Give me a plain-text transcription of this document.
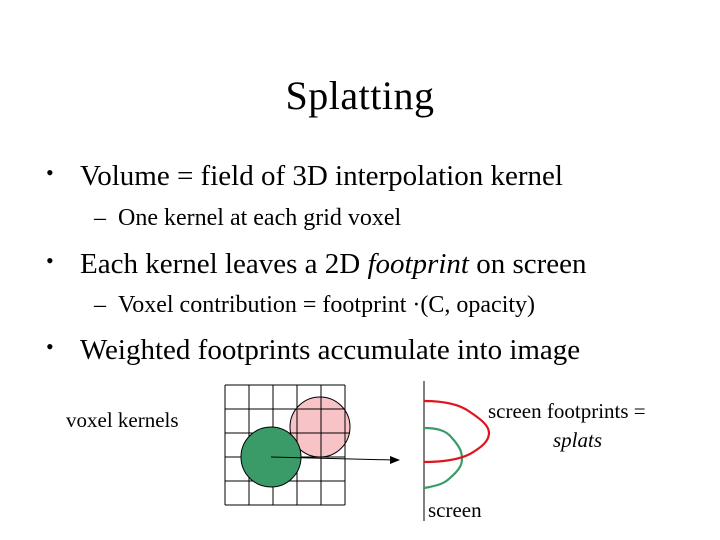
Splatting
• Volume = field of 3D interpolation kernel
– One kernel at each grid voxel
• Each kernel leaves a 2D footprint on screen
– Voxel contribution = footprint ·(C, opacity)
• Weighted footprints accumulate into image
voxel kernels	screen footprints =
splats
screen
